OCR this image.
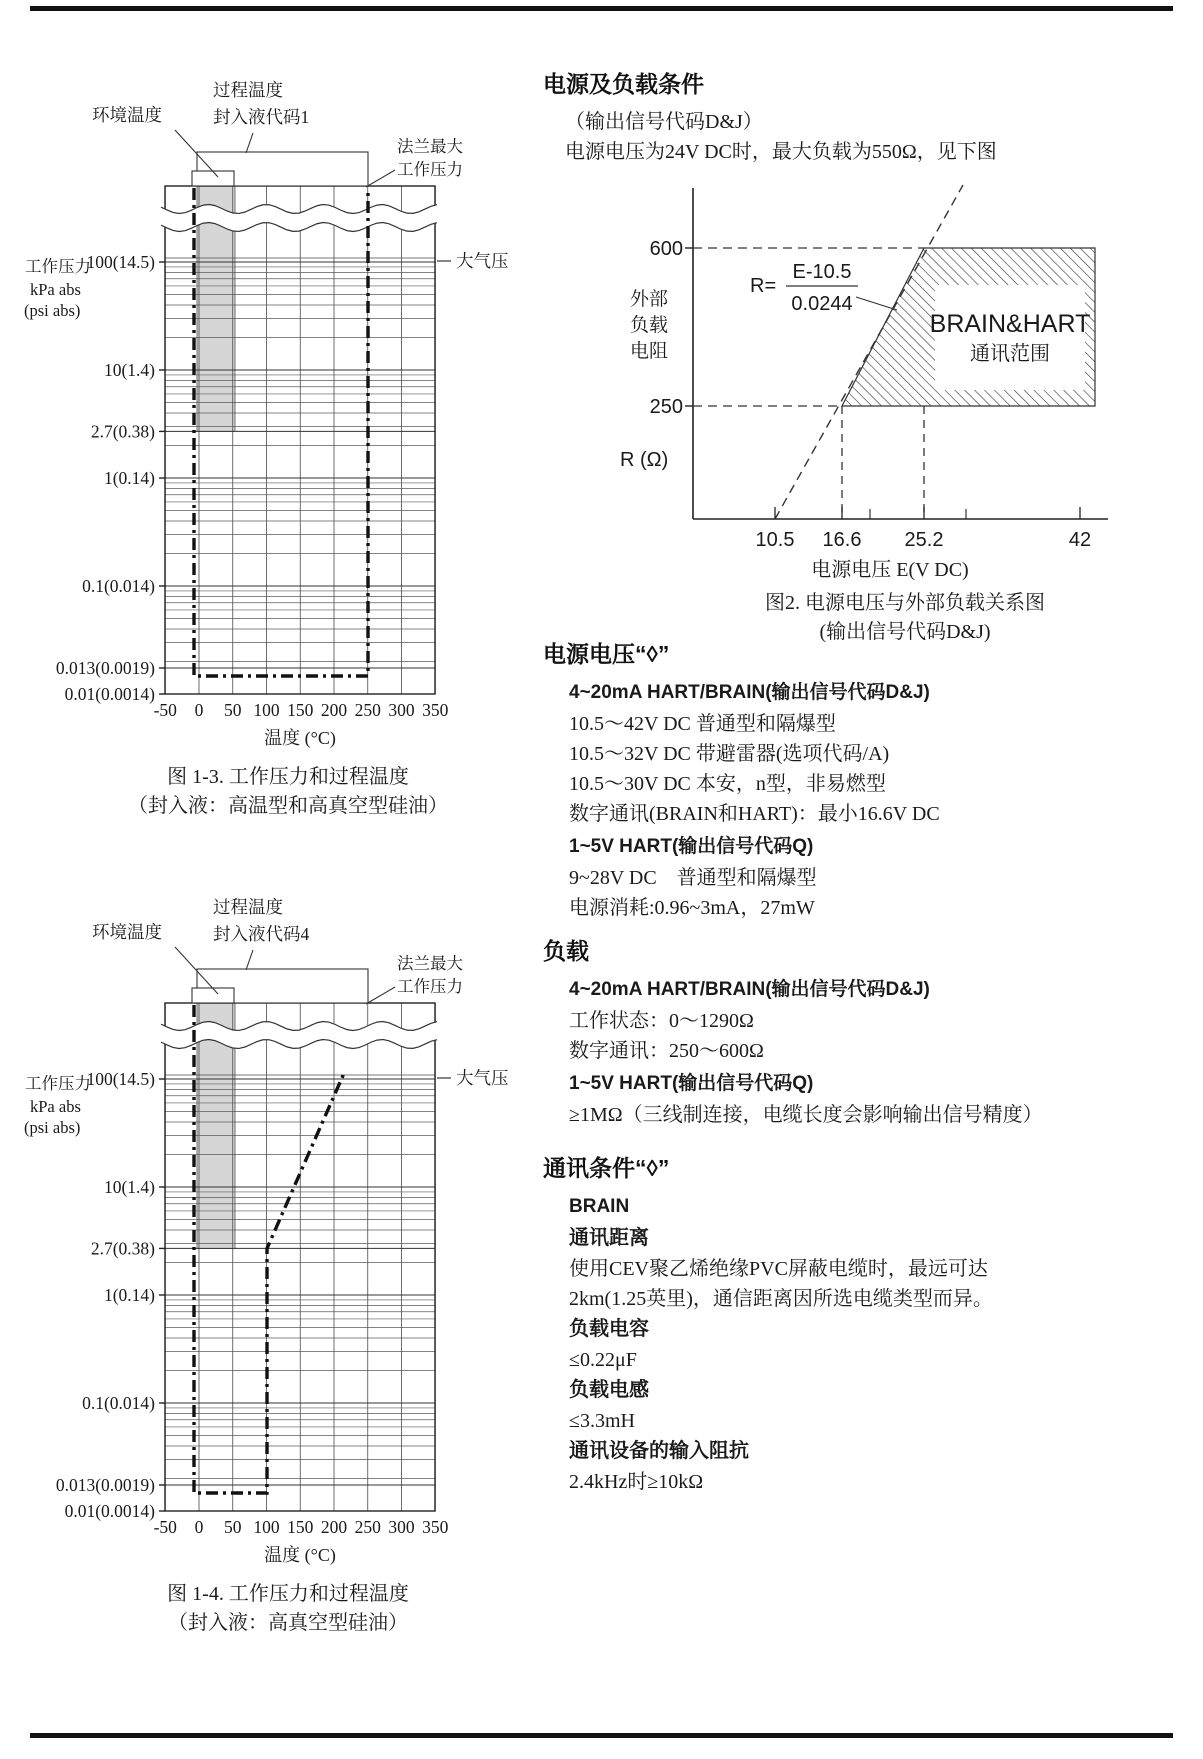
100(14.5)
10(1.4)
2.7(0.38)
1(0.14)
0.1(0.014)
0.013(0.0019)
0.01(0.0014)
-50 0 50 100 150 200 250 300 350
温度 (°C)
工作压力
kPa abs
(psi abs)
环境温度
过程温度
封入液代码1
法兰最大
工作压力
大气压
100(14.5)
10(1.4)
2.7(0.38)
1(0.14)
0.1(0.014)
0.013(0.0019)
0.01(0.0014)
-50 0 50 100 150 200 250 300 350
温度 (°C)
工作压力
kPa abs
(psi abs)
环境温度
过程温度
封入液代码4
法兰最大
工作压力
大气压
BRAIN&HART
通讯范围
600
250
外部
负载
电阻
R (Ω)
R=
E-10.5
0.0244
10.5 16.6 25.2	42
电源电压 E(V DC)
图 1-3. 工作压力和过程温度
（封入液：高温型和高真空型硅油）
图 1-4. 工作压力和过程温度
（封入液：高真空型硅油）
图2. 电源电压与外部负载关系图
(输出信号代码D&J)
电源及负载条件
（输出信号代码D&J）
电源电压为24V DC时，最大负载为550Ω，见下图
电源电压“◊”
4~20mA HART/BRAIN(输出信号代码D&J)
10.5～42V DC 普通型和隔爆型
10.5～32V DC 带避雷器(选项代码/A)
10.5～30V DC 本安，n型，非易燃型
数字通讯(BRAIN和HART)：最小16.6V DC
1~5V HART(输出信号代码Q)
9~28V DC　普通型和隔爆型
电源消耗:0.96~3mA，27mW
负载
4~20mA HART/BRAIN(输出信号代码D&J)
工作状态：0～1290Ω
数字通讯：250～600Ω
1~5V HART(输出信号代码Q)
≥1MΩ（三线制连接，电缆长度会影响输出信号精度）
通讯条件“◊”
BRAIN
通讯距离
使用CEV聚乙烯绝缘PVC屏蔽电缆时，最远可达
2km(1.25英里)，通信距离因所选电缆类型而异。
负载电容
≤0.22μF
负载电感
≤3.3mH
通讯设备的输入阻抗
2.4kHz时≥10kΩ
